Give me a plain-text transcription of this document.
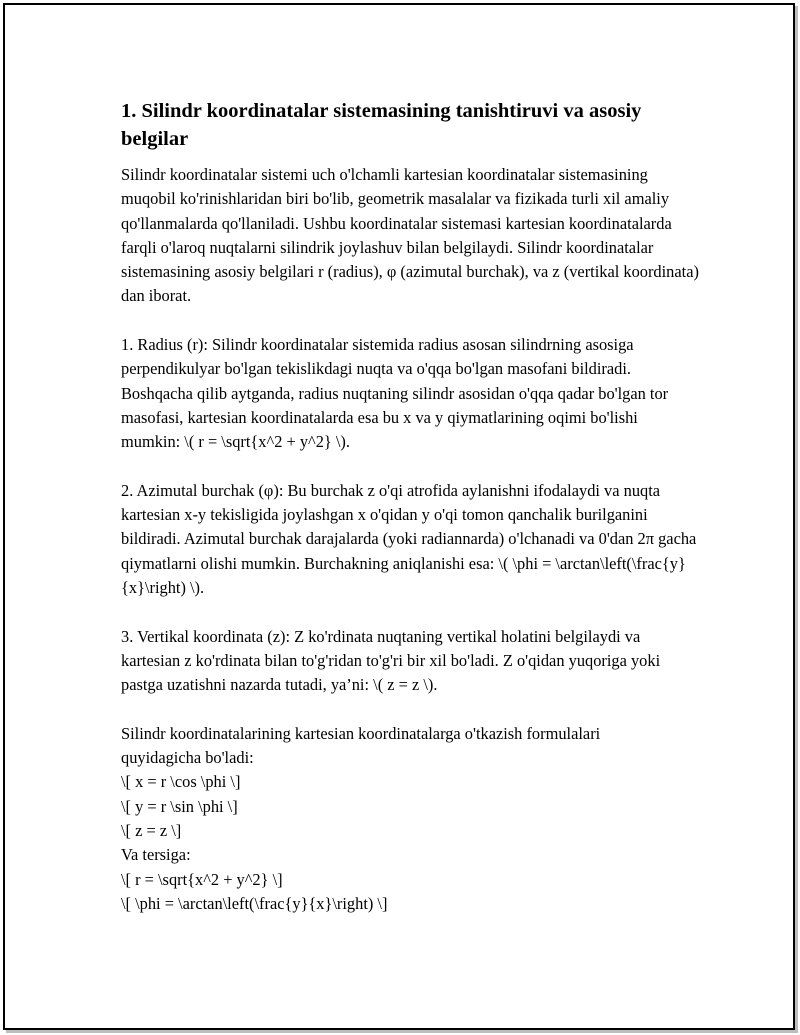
1. Silindr koordinatalar sistemasining tanishtiruvi va asosiy belgilar

Silindr koordinatalar sistemi uch o'lchamli kartesian koordinatalar sistemasining muqobil ko'rinishlaridan biri bo'lib, geometrik masalalar va fizikada turli xil amaliy qo'llanmalarda qo'llaniladi. Ushbu koordinatalar sistemasi kartesian koordinatalarda farqli o'laroq nuqtalarni silindrik joylashuv bilan belgilaydi. Silindr koordinatalar sistemasining asosiy belgilari r (radius), φ (azimutal burchak), va z (vertikal koordinata) dan iborat.

1. Radius (r): Silindr koordinatalar sistemida radius asosan silindrning asosiga perpendikulyar bo'lgan tekislikdagi nuqta va o'qqa bo'lgan masofani bildiradi. Boshqacha qilib aytganda, radius nuqtaning silindr asosidan o'qqa qadar bo'lgan tor masofasi, kartesian koordinatalarda esa bu x va y qiymatlarining oqimi bo'lishi mumkin: \( r = \sqrt{x^2 + y^2} \).

2. Azimutal burchak (φ): Bu burchak z o'qi atrofida aylanishni ifodalaydi va nuqta kartesian x-y tekisligida joylashgan x o'qidan y o'qi tomon qanchalik burilganini bildiradi. Azimutal burchak darajalarda (yoki radiannarda) o'lchanadi va 0'dan 2π gacha qiymatlarni olishi mumkin. Burchakning aniqlanishi esa: \( \phi = \arctan\left(\frac{y}{x}\right) \).

3. Vertikal koordinata (z): Z ko'rdinata nuqtaning vertikal holatini belgilaydi va kartesian z ko'rdinata bilan to'g'ridan to'g'ri bir xil bo'ladi. Z o'qidan yuqoriga yoki pastga uzatishni nazarda tutadi, ya’ni: \( z = z \).

Silindr koordinatalarining kartesian koordinatalarga o'tkazish formulalari
quyidagicha bo'ladi:
\[ x = r \cos \phi \]
\[ y = r \sin \phi \]
\[ z = z \]
Va tersiga:
\[ r = \sqrt{x^2 + y^2} \]
\[ \phi = \arctan\left(\frac{y}{x}\right) \]
